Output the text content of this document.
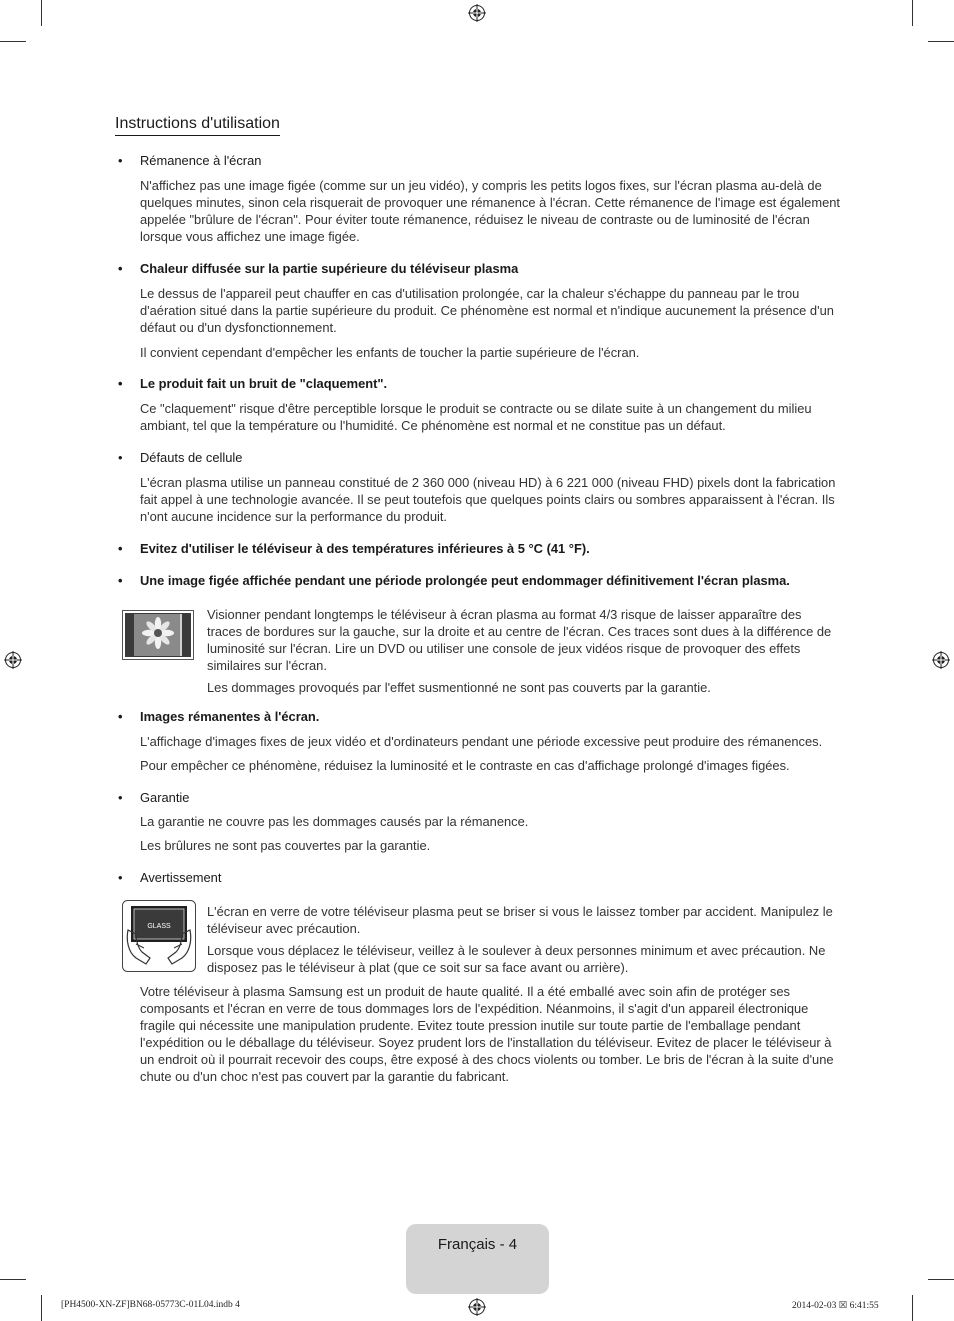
Instructions d'utilisation
• Rémanence à l'écran

N'affichez pas une image figée (comme sur un jeu vidéo), y compris les petits logos fixes, sur l'écran plasma au-delà de quelques minutes, sinon cela risquerait de provoquer une rémanence à l'écran. Cette rémanence de l'image est également appelée "brûlure de l'écran". Pour éviter toute rémanence, réduisez le niveau de contraste ou de luminosité de l'écran lorsque vous affichez une image figée.

• Chaleur diffusée sur la partie supérieure du téléviseur plasma

Le dessus de l'appareil peut chauffer en cas d'utilisation prolongée, car la chaleur s'échappe du panneau par le trou d'aération situé dans la partie supérieure du produit. Ce phénomène est normal et n'indique aucunement la présence d'un défaut ou d'un dysfonctionnement.

Il convient cependant d'empêcher les enfants de toucher la partie supérieure de l'écran.

• Le produit fait un bruit de "claquement".

Ce "claquement" risque d'être perceptible lorsque le produit se contracte ou se dilate suite à un changement du milieu ambiant, tel que la température ou l'humidité. Ce phénomène est normal et ne constitue pas un défaut.

• Défauts de cellule

L'écran plasma utilise un panneau constitué de 2 360 000 (niveau HD) à 6 221 000 (niveau FHD) pixels dont la fabrication fait appel à une technologie avancée. Il se peut toutefois que quelques points clairs ou sombres apparaissent à l'écran. Ils n'ont aucune incidence sur la performance du produit.

• Evitez d'utiliser le téléviseur à des températures inférieures à 5 °C (41 °F).
• Une image figée affichée pendant une période prolongée peut endommager définitivement l'écran plasma.

Visionner pendant longtemps le téléviseur à écran plasma au format 4/3 risque de laisser apparaître des traces de bordures sur la gauche, sur la droite et au centre de l'écran. Ces traces sont dues à la différence de luminosité sur l'écran. Lire un DVD ou utiliser une console de jeux vidéos risque de provoquer des effets similaires sur l'écran.

Les dommages provoqués par l'effet susmentionné ne sont pas couverts par la garantie.

• Images rémanentes à l'écran.

L'affichage d'images fixes de jeux vidéo et d'ordinateurs pendant une période excessive peut produire des rémanences.

Pour empêcher ce phénomène, réduisez la luminosité et le contraste en cas d'affichage prolongé d'images figées.

• Garantie

La garantie ne couvre pas les dommages causés par la rémanence.

Les brûlures ne sont pas couvertes par la garantie.

• Avertissement
GLASS

L'écran en verre de votre téléviseur plasma peut se briser si vous le laissez tomber par accident. Manipulez le téléviseur avec précaution.

Lorsque vous déplacez le téléviseur, veillez à le soulever à deux personnes minimum et avec précaution. Ne disposez pas le téléviseur à plat (que ce soit sur sa face avant ou arrière).

Votre téléviseur à plasma Samsung est un produit de haute qualité. Il a été emballé avec soin afin de protéger ses composants et l'écran en verre de tous dommages lors de l'expédition. Néanmoins, il s'agit d'un appareil électronique fragile qui nécessite une manipulation prudente. Evitez toute pression inutile sur toute partie de l'emballage pendant l'expédition ou le déballage du téléviseur. Soyez prudent lors de l'installation du téléviseur. Evitez de placer le téléviseur à un endroit où il pourrait recevoir des coups, être exposé à des chocs violents ou tomber. Le bris de l'écran à la suite d'une chute ou d'un choc n'est pas couvert par la garantie du fabricant.

Français - 4
[PH4500-XN-ZF]BN68-05773C-01L04.indb 4	2014-02-03 ☒ 6:41:55
